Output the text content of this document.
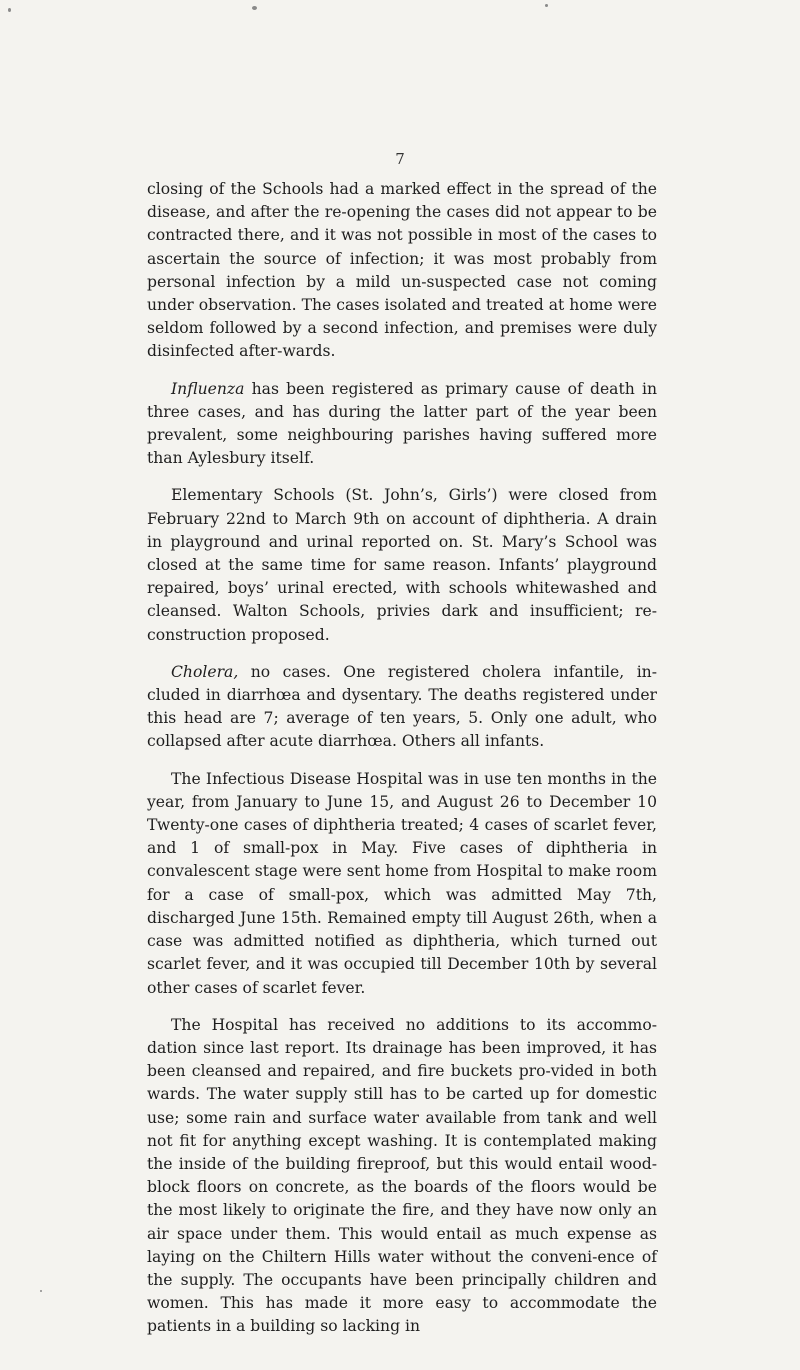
7

closing of the Schools had a marked effect in the spread of the disease, and after the re-opening the cases did not appear to be contracted there, and it was not possible in most of the cases to ascertain the source of infection; it was most probably from personal infection by a mild un-suspected case not coming under observation. The cases isolated and treated at home were seldom followed by a second infection, and premises were duly disinfected after-wards.

Influenza has been registered as primary cause of death in three cases, and has during the latter part of the year been prevalent, some neighbouring parishes having suffered more than Aylesbury itself.

Elementary Schools (St. John’s, Girls’) were closed from February 22nd to March 9th on account of diphtheria. A drain in playground and urinal reported on. St. Mary’s School was closed at the same time for same reason. Infants’ playground repaired, boys’ urinal erected, with schools whitewashed and cleansed. Walton Schools, privies dark and insufficient; re-construction proposed.

Cholera, no cases. One registered cholera infantile, in-cluded in diarrhœa and dysentary. The deaths registered under this head are 7; average of ten years, 5. Only one adult, who collapsed after acute diarrhœa. Others all infants.

The Infectious Disease Hospital was in use ten months in the year, from January to June 15, and August 26 to December 10 Twenty-one cases of diphtheria treated; 4 cases of scarlet fever, and 1 of small-pox in May. Five cases of diphtheria in convalescent stage were sent home from Hospital to make room for a case of small-pox, which was admitted May 7th, discharged June 15th. Remained empty till August 26th, when a case was admitted notified as diphtheria, which turned out scarlet fever, and it was occupied till December 10th by several other cases of scarlet fever.

The Hospital has received no additions to its accommo-dation since last report. Its drainage has been improved, it has been cleansed and repaired, and fire buckets pro-vided in both wards. The water supply still has to be carted up for domestic use; some rain and surface water available from tank and well not fit for anything except washing. It is contemplated making the inside of the building fireproof, but this would entail wood-block floors on concrete, as the boards of the floors would be the most likely to originate the fire, and they have now only an air space under them. This would entail as much expense as laying on the Chiltern Hills water without the conveni-ence of the supply. The occupants have been principally children and women. This has made it more easy to accommodate the patients in a building so lacking in
